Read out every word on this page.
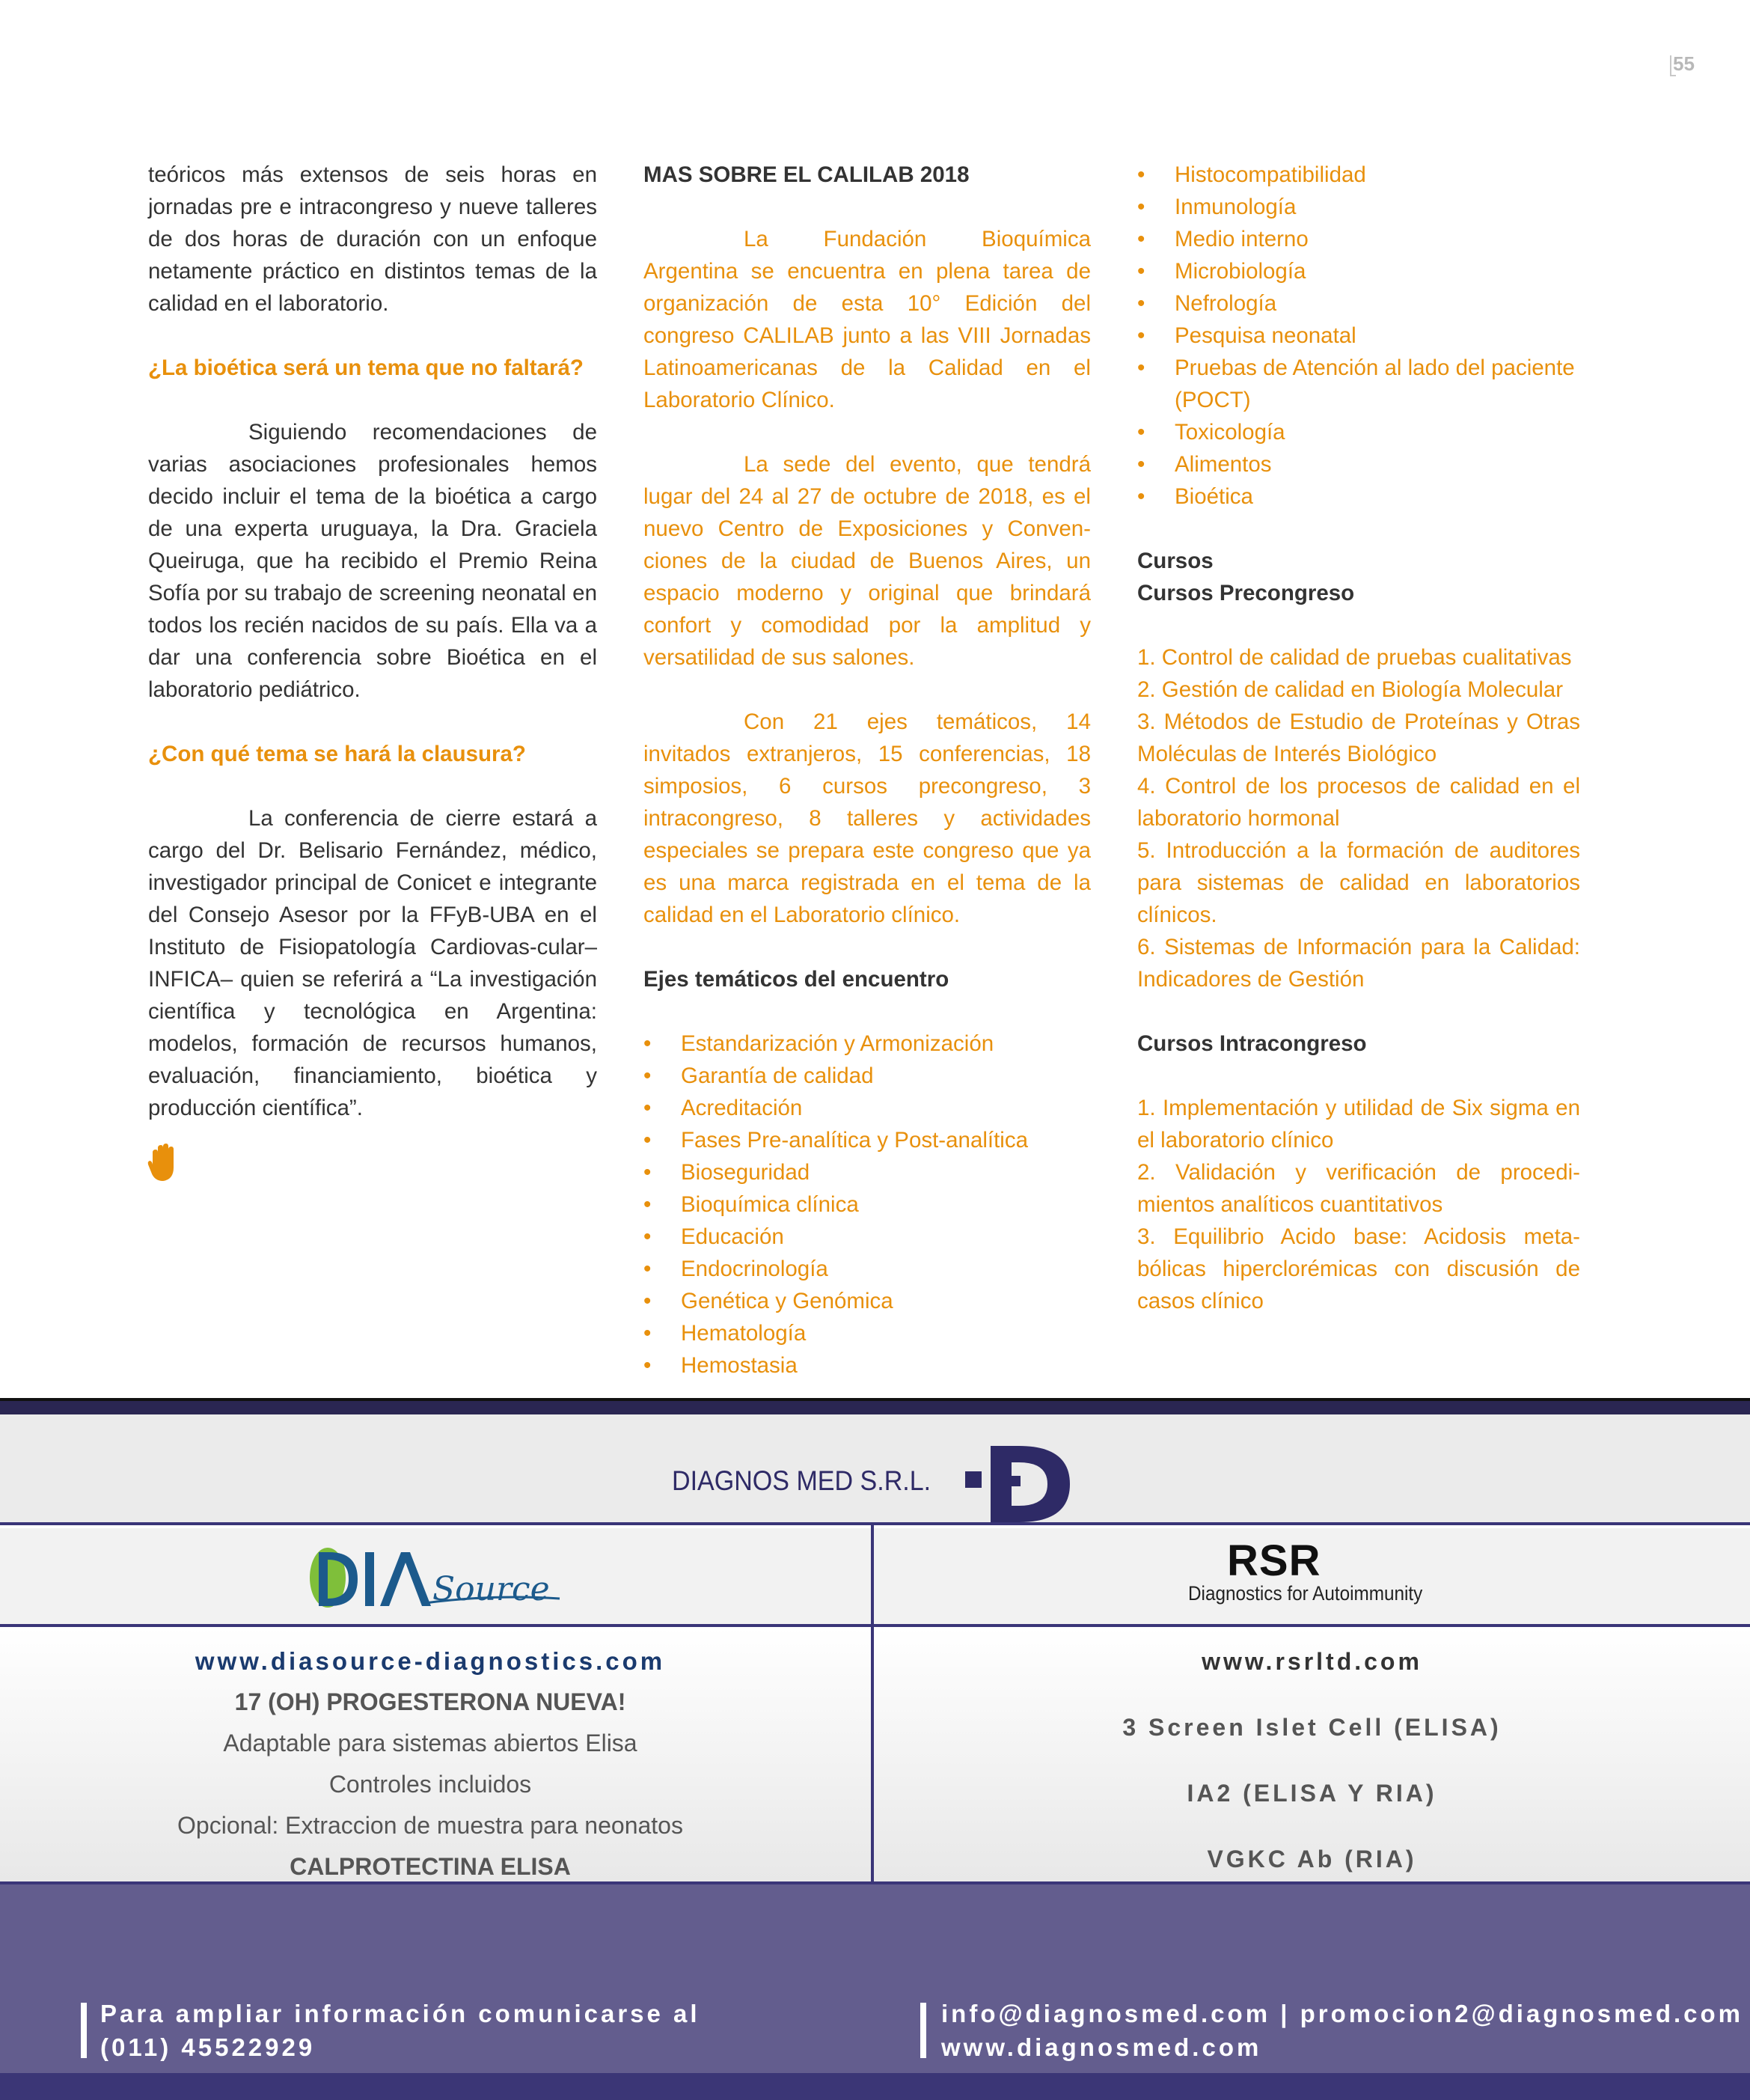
55

teóricos más extensos de seis horas en jornadas pre e intracongreso y nueve talleres de dos horas de duración con un enfoque netamente práctico en distintos temas de la calidad en el laboratorio.

¿La bioética será un tema que no faltará?

Siguiendo recomendaciones de varias asociaciones profesionales hemos decido incluir el tema de la bioética a cargo de una experta uruguaya, la Dra. Graciela Queiruga, que ha recibido el Premio Reina Sofía por su trabajo de screening neonatal en todos los recién nacidos de su país. Ella va a dar una conferencia sobre Bioética en el laboratorio pediátrico.

¿Con qué tema se hará la clausura?

La conferencia de cierre estará a cargo del Dr. Belisario Fernández, médico, investigador principal de Conicet e integrante del Consejo Asesor por la FFyB-UBA en el Instituto de Fisiopatología Cardiovas-cular–INFICA– quien se referirá a “La investigación científica y tecnológica en Argentina: modelos, formación de recursos humanos, evaluación, financiamiento, bioética y producción científica”.

MAS SOBRE EL CALILAB 2018

La Fundación Bioquímica Argentina se encuentra en plena tarea de organización de esta 10° Edición del congreso CALILAB junto a las VIII Jornadas Latinoamericanas de la Calidad en el Laboratorio Clínico.

La sede del evento, que tendrá lugar del 24 al 27 de octubre de 2018, es el nuevo Centro de Exposiciones y Conven-ciones de la ciudad de Buenos Aires, un espacio moderno y original que brindará confort y comodidad por la amplitud y versatilidad de sus salones.

Con 21 ejes temáticos, 14 invitados extranjeros, 15 conferencias, 18 simposios, 6 cursos precongreso, 3 intracongreso, 8 talleres y actividades especiales se prepara este congreso que ya es una marca registrada en el tema de la calidad en el Laboratorio clínico.

Ejes temáticos del encuentro

• Estandarización y Armonización
• Garantía de calidad
• Acreditación
• Fases Pre-analítica y Post-analítica
• Bioseguridad
• Bioquímica clínica
• Educación
• Endocrinología
• Genética y Genómica
• Hematología
• Hemostasia
• Histocompatibilidad
• Inmunología
• Medio interno
• Microbiología
• Nefrología
• Pesquisa neonatal
• Pruebas de Atención al lado del paciente (POCT)
• Toxicología
• Alimentos
• Bioética

Cursos

Cursos Precongreso

1. Control de calidad de pruebas cualitativas

2. Gestión de calidad en Biología Molecular

3. Métodos de Estudio de Proteínas y Otras Moléculas de Interés Biológico

4. Control de los procesos de calidad en el laboratorio hormonal

5. Introducción a la formación de auditores para sistemas de calidad en laboratorios clínicos.

6. Sistemas de Información para la Calidad: Indicadores de Gestión

Cursos Intracongreso

1. Implementación y utilidad de Six sigma en el laboratorio clínico

2. Validación y verificación de procedi-mientos analíticos cuantitativos

3. Equilibrio Acido base: Acidosis meta-bólicas hiperclorémicas con discusión de casos clínico

DIAGNOS MED S.R.L.
Source
RSR
Diagnostics for Autoimmunity
www.diasource-diagnostics.com
17 (OH) PROGESTERONA NUEVA!
Adaptable para sistemas abiertos Elisa
Controles incluidos
Opcional: Extraccion de muestra para neonatos
CALPROTECTINA ELISA
www.rsrltd.com
3 Screen Islet Cell (ELISA)
IA2 (ELISA Y RIA)
VGKC Ab (RIA)
Para ampliar información comunicarse al
(011) 45522929
info@diagnosmed.com | promocion2@diagnosmed.com
www.diagnosmed.com
